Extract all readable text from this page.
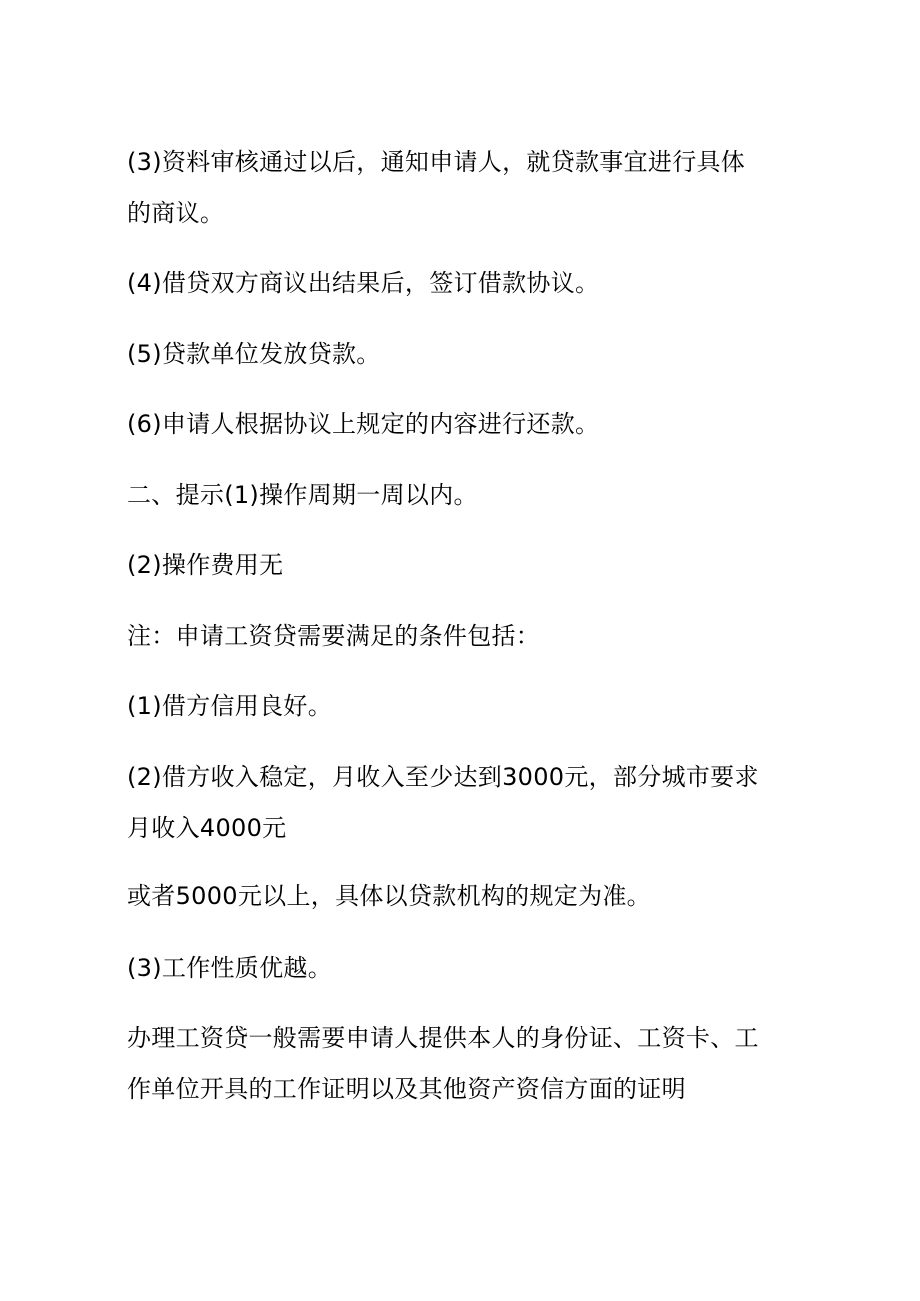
(3)资料审核通过以后，通知申请人，就贷款事宜进行具体
的商议。
(4)借贷双方商议出结果后，签订借款协议。
(5)贷款单位发放贷款。
(6)申请人根据协议上规定的内容进行还款。
二、提示(1)操作周期一周以内。
(2)操作费用无
注：申请工资贷需要满足的条件包括：
(1)借方信用良好。
(2)借方收入稳定，月收入至少达到3000元，部分城市要求
月收入4000元
或者5000元以上，具体以贷款机构的规定为准。
(3)工作性质优越。
办理工资贷一般需要申请人提供本人的身份证、工资卡、工
作单位开具的工作证明以及其他资产资信方面的证明
